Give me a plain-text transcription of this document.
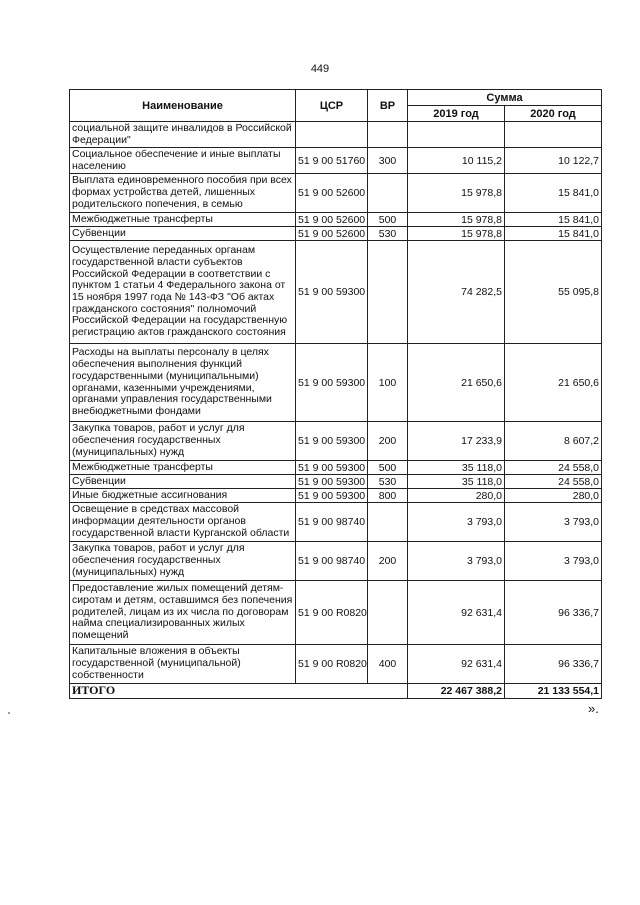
449
Наименование	ЦСР	ВР	Сумма	
			2019 год	2020 год
социальной защите инвалидов в Российской Федерации"				
Социальное обеспечение и иные выплаты населению	51 9 00 51760	300	10 115,2	10 122,7
Выплата единовременного пособия при всех формах устройства детей, лишенных родительского попечения, в семью	51 9 00 52600		15 978,8	15 841,0
Межбюджетные трансферты	51 9 00 52600	500	15 978,8	15 841,0
Субвенции	51 9 00 52600	530	15 978,8	15 841,0
Осуществление переданных органам государственной власти субъектов Российской Федерации в соответствии с пунктом 1 статьи 4 Федерального закона от 15 ноября 1997 года № 143-ФЗ "Об актах гражданского состояния" полномочий Российской Федерации на государственную регистрацию актов гражданского состояния	51 9 00 59300		74 282,5	55 095,8
Расходы на выплаты персоналу в целях обеспечения выполнения функций государственными (муниципальными) органами, казенными учреждениями, органами управления государственными внебюджетными фондами	51 9 00 59300	100	21 650,6	21 650,6
Закупка товаров, работ и услуг для обеспечения государственных (муниципальных) нужд	51 9 00 59300	200	17 233,9	8 607,2
Межбюджетные трансферты	51 9 00 59300	500	35 118,0	24 558,0
Субвенции	51 9 00 59300	530	35 118,0	24 558,0
Иные бюджетные ассигнования	51 9 00 59300	800	280,0	280,0
Освещение в средствах массовой информации деятельности органов государственной власти Курганской области	51 9 00 98740		3 793,0	3 793,0
Закупка товаров, работ и услуг для обеспечения государственных (муниципальных) нужд	51 9 00 98740	200	3 793,0	3 793,0
Предоставление жилых помещений детям-сиротам и детям, оставшимся без попечения родителей, лицам из их числа по договорам найма специализированных жилых помещений	51 9 00 R0820		92 631,4	96 336,7
Капитальные вложения в объекты государственной (муниципальной) собственности	51 9 00 R0820	400	92 631,4	96 336,7
ИТОГО			22 467 388,2	21 133 554,1
».
